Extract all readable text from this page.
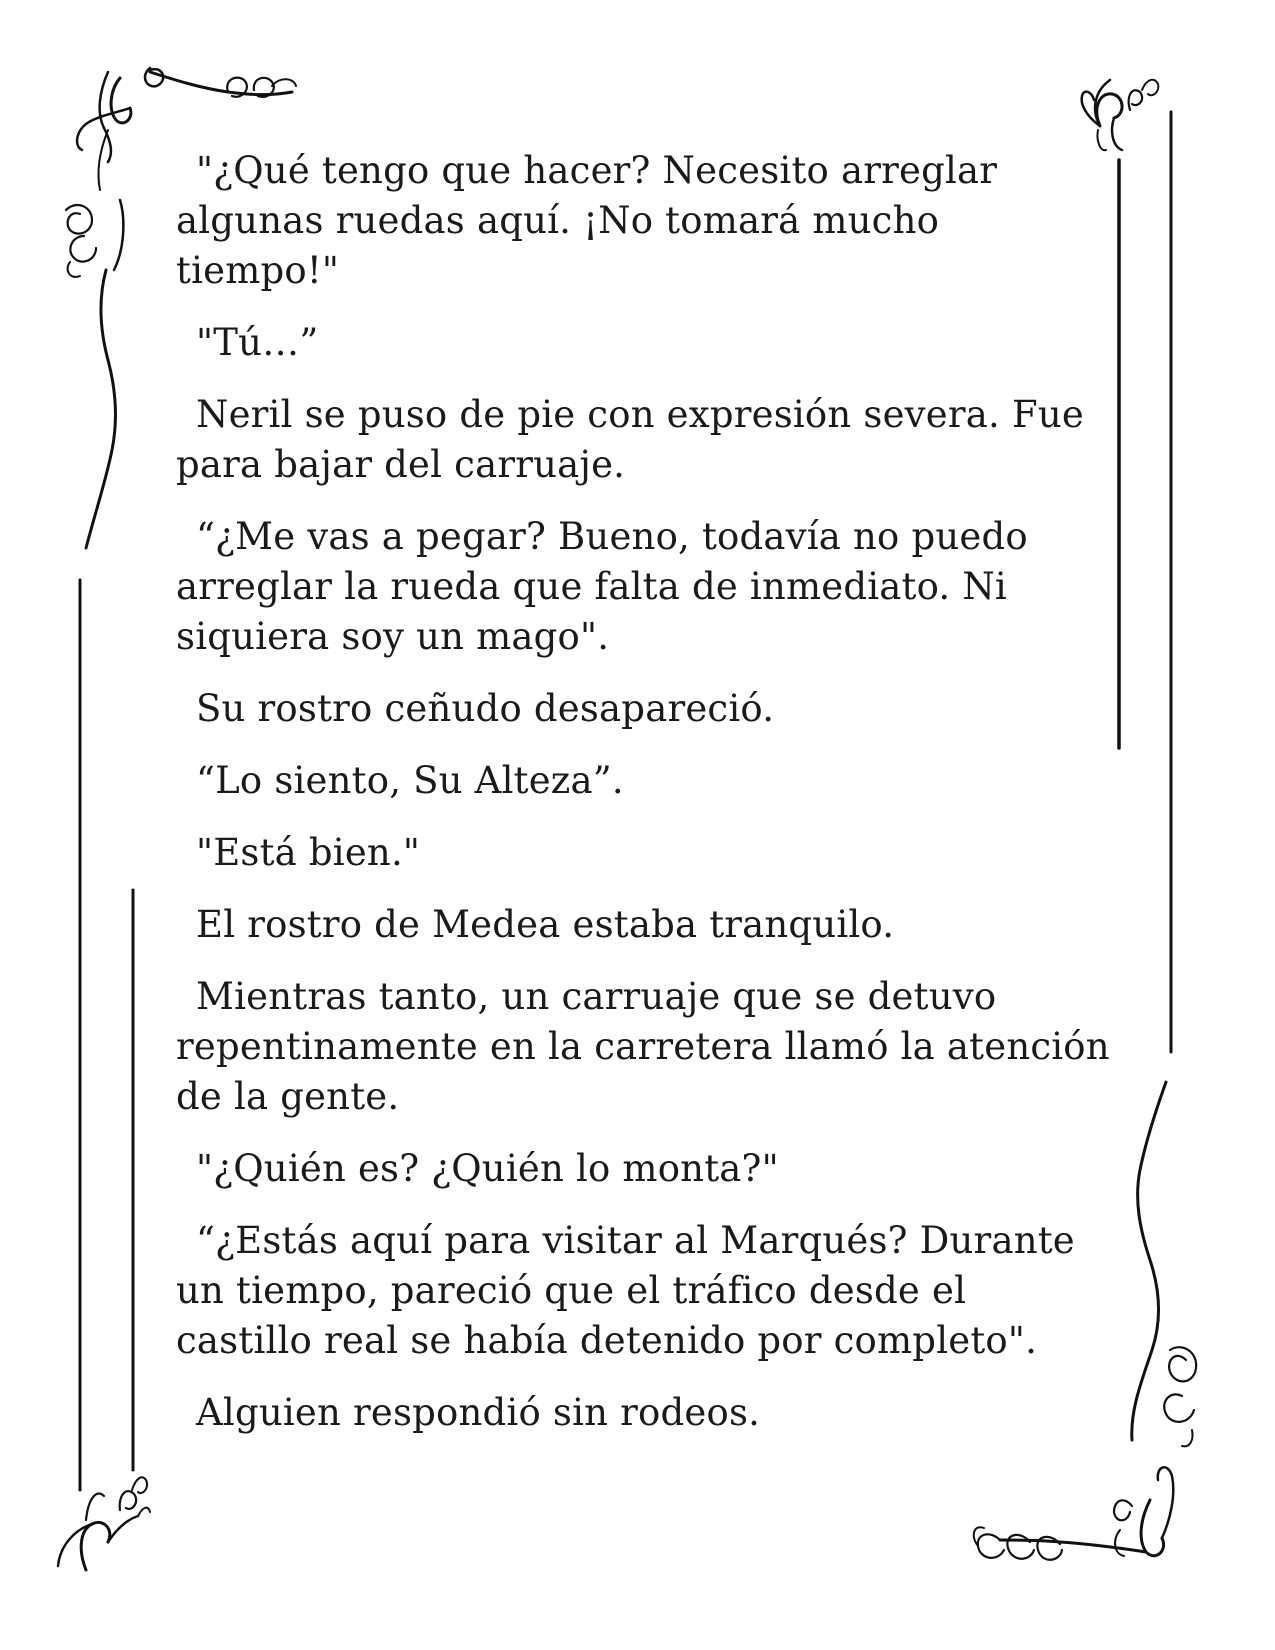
"¿Qué tengo que hacer? Necesito arreglar algunas ruedas aquí. ¡No tomará mucho tiempo!"

"Tú…”

Neril se puso de pie con expresión severa. Fue para bajar del carruaje.

“¿Me vas a pegar? Bueno, todavía no puedo arreglar la rueda que falta de inmediato. Ni siquiera soy un mago".

Su rostro ceñudo desapareció.

“Lo siento, Su Alteza”.

"Está bien."

El rostro de Medea estaba tranquilo.

Mientras tanto, un carruaje que se detuvo repentinamente en la carretera llamó la atención de la gente.

"¿Quién es? ¿Quién lo monta?"

“¿Estás aquí para visitar al Marqués? Durante un tiempo, pareció que el tráfico desde el castillo real se había detenido por completo".

Alguien respondió sin rodeos.
